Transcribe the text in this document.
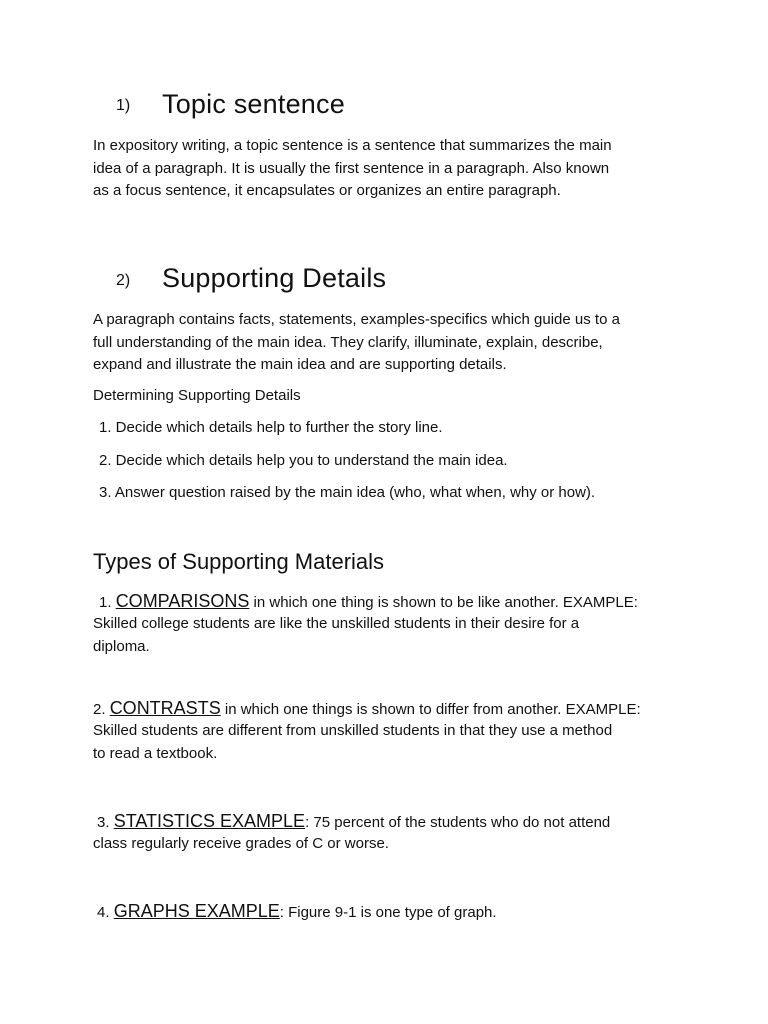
1) Topic sentence
In expository writing, a topic sentence is a sentence that summarizes the main
idea of a paragraph. It is usually the first sentence in a paragraph. Also known
as a focus sentence, it encapsulates or organizes an entire paragraph.
2) Supporting Details
A paragraph contains facts, statements, examples-specifics which guide us to a
full understanding of the main idea. They clarify, illuminate, explain, describe,
expand and illustrate the main idea and are supporting details.
Determining Supporting Details
1. Decide which details help to further the story line.
2. Decide which details help you to understand the main idea.
3. Answer question raised by the main idea (who, what when, why or how).
Types of Supporting Materials
1. COMPARISONS in which one thing is shown to be like another. EXAMPLE:
Skilled college students are like the unskilled students in their desire for a
diploma.
2. CONTRASTS in which one things is shown to differ from another. EXAMPLE:
Skilled students are different from unskilled students in that they use a method
to read a textbook.
3. STATISTICS EXAMPLE: 75 percent of the students who do not attend
class regularly receive grades of C or worse.
4. GRAPHS EXAMPLE: Figure 9-1 is one type of graph.
